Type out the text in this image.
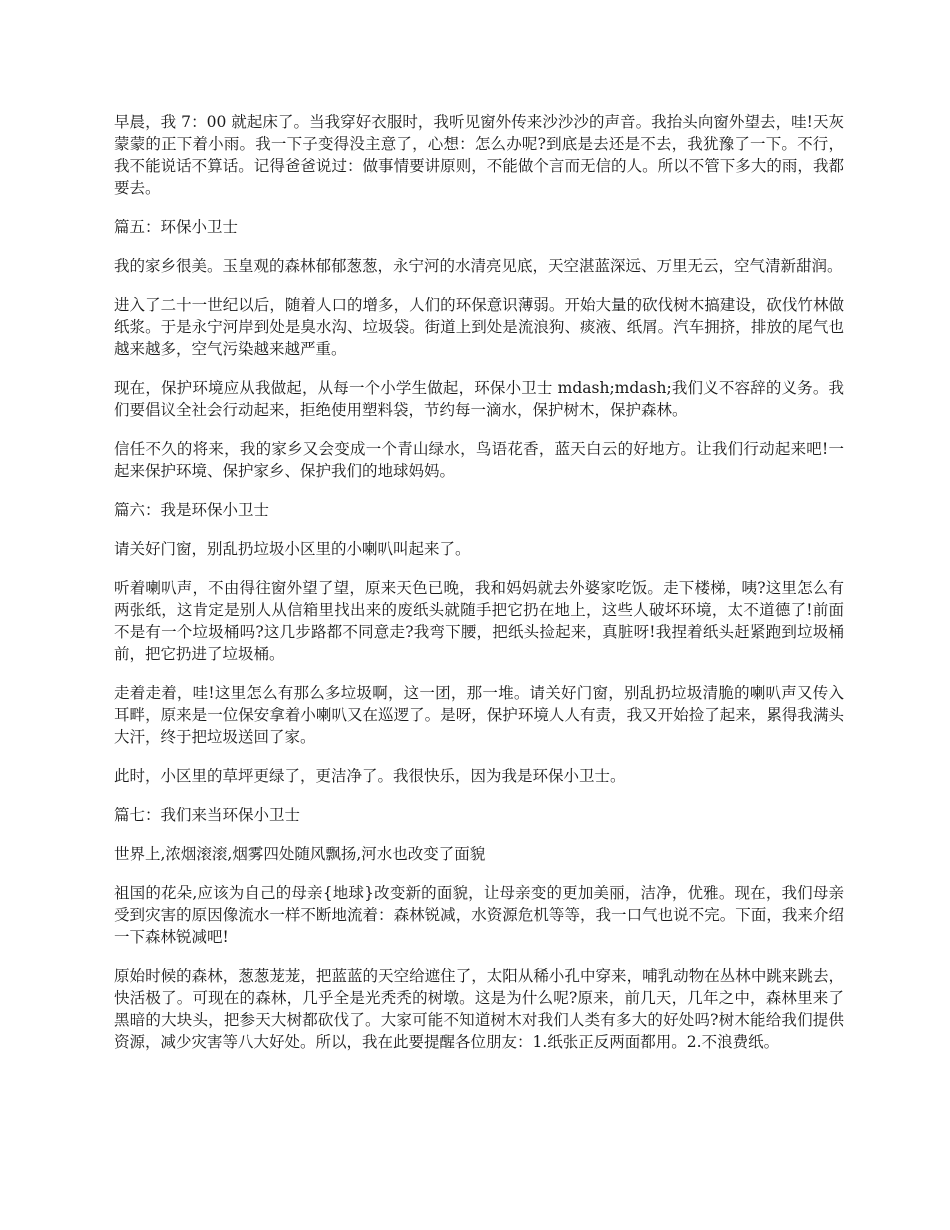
早晨，我 7：00 就起床了。当我穿好衣服时，我听见窗外传来沙沙沙的声音。我抬头向窗外望去，哇!天灰蒙蒙的正下着小雨。我一下子变得没主意了，心想：怎么办呢?到底是去还是不去，我犹豫了一下。不行，我不能说话不算话。记得爸爸说过：做事情要讲原则，不能做个言而无信的人。所以不管下多大的雨，我都要去。

篇五：环保小卫士

我的家乡很美。玉皇观的森林郁郁葱葱，永宁河的水清亮见底，天空湛蓝深远、万里无云，空气清新甜润。

进入了二十一世纪以后，随着人口的增多，人们的环保意识薄弱。开始大量的砍伐树木搞建设，砍伐竹林做纸浆。于是永宁河岸到处是臭水沟、垃圾袋。街道上到处是流浪狗、痰液、纸屑。汽车拥挤，排放的尾气也越来越多，空气污染越来越严重。

现在，保护环境应从我做起，从每一个小学生做起，环保小卫士 mdash;mdash;我们义不容辞的义务。我们要倡议全社会行动起来，拒绝使用塑料袋，节约每一滴水，保护树木，保护森林。

信任不久的将来，我的家乡又会变成一个青山绿水，鸟语花香，蓝天白云的好地方。让我们行动起来吧!一起来保护环境、保护家乡、保护我们的地球妈妈。

篇六：我是环保小卫士

请关好门窗，别乱扔垃圾小区里的小喇叭叫起来了。

听着喇叭声，不由得往窗外望了望，原来天色已晚，我和妈妈就去外婆家吃饭。走下楼梯，咦?这里怎么有两张纸，这肯定是别人从信箱里找出来的废纸头就随手把它扔在地上，这些人破坏环境，太不道德了!前面不是有一个垃圾桶吗?这几步路都不同意走?我弯下腰，把纸头捡起来，真脏呀!我捏着纸头赶紧跑到垃圾桶前，把它扔进了垃圾桶。

走着走着，哇!这里怎么有那么多垃圾啊，这一团，那一堆。请关好门窗，别乱扔垃圾清脆的喇叭声又传入耳畔，原来是一位保安拿着小喇叭又在巡逻了。是呀，保护环境人人有责，我又开始捡了起来，累得我满头大汗，终于把垃圾送回了家。

此时，小区里的草坪更绿了，更洁净了。我很快乐，因为我是环保小卫士。

篇七：我们来当环保小卫士

世界上,浓烟滚滚,烟雾四处随风飘扬,河水也改变了面貌

祖国的花朵,应该为自己的母亲{地球}改变新的面貌，让母亲变的更加美丽，洁净，优雅。现在，我们母亲受到灾害的原因像流水一样不断地流着：森林锐减，水资源危机等等，我一口气也说不完。下面，我来介绍一下森林锐减吧!

原始时候的森林，葱葱茏茏，把蓝蓝的天空给遮住了，太阳从稀小孔中穿来，哺乳动物在丛林中跳来跳去，快活极了。可现在的森林，几乎全是光秃秃的树墩。这是为什么呢?原来，前几天，几年之中，森林里来了黑暗的大块头，把参天大树都砍伐了。大家可能不知道树木对我们人类有多大的好处吗?树木能给我们提供资源，减少灾害等八大好处。所以，我在此要提醒各位朋友：1.纸张正反两面都用。2.不浪费纸。
